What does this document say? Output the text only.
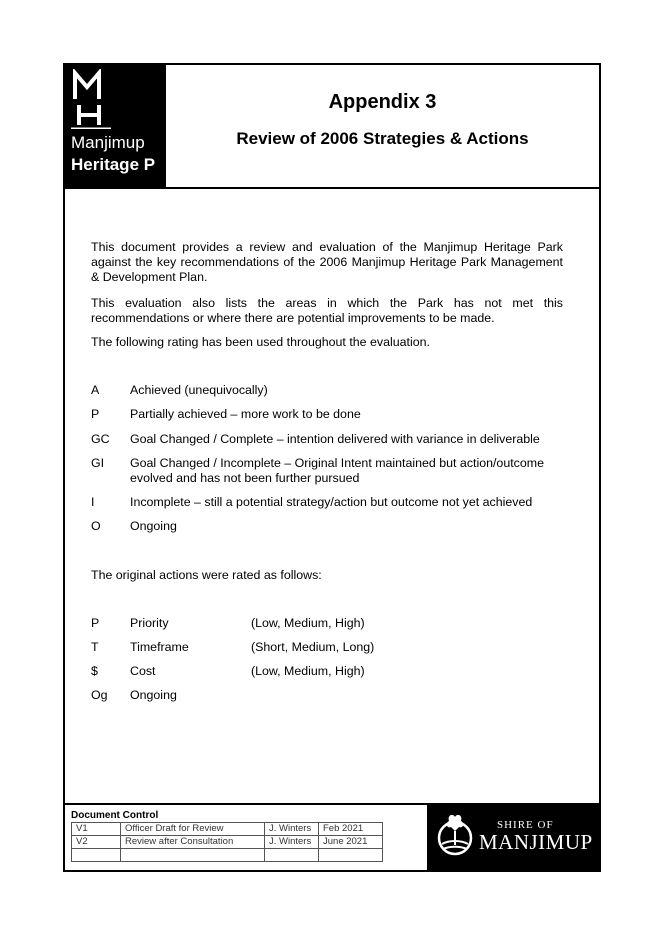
Manjimup
Heritage P
Appendix 3
Review of 2006 Strategies & Actions

This document provides a review and evaluation of the Manjimup Heritage Park against the key recommendations of the 2006 Manjimup Heritage Park Management & Development Plan.

This evaluation also lists the areas in which the Park has not met this recommendations or where there are potential improvements to be made.

The following rating has been used throughout the evaluation.

A	Achieved (unequivocally)
P	Partially achieved – more work to be done
GC	Goal Changed / Complete – intention delivered with variance in deliverable
GI	Goal Changed / Incomplete – Original Intent maintained but action/outcome evolved and has not been further pursued
I	Incomplete – still a potential strategy/action but outcome not yet achieved
O	Ongoing

The original actions were rated as follows:

P	Priority	(Low, Medium, High)
T	Timeframe	(Short, Medium, Long)
$	Cost	(Low, Medium, High)
Og	Ongoing
Document Control
V1	Officer Draft for Review	J. Winters	Feb 2021
V2	Review after Consultation	J. Winters	June 2021

SHIRE OF
MANJIMUP
